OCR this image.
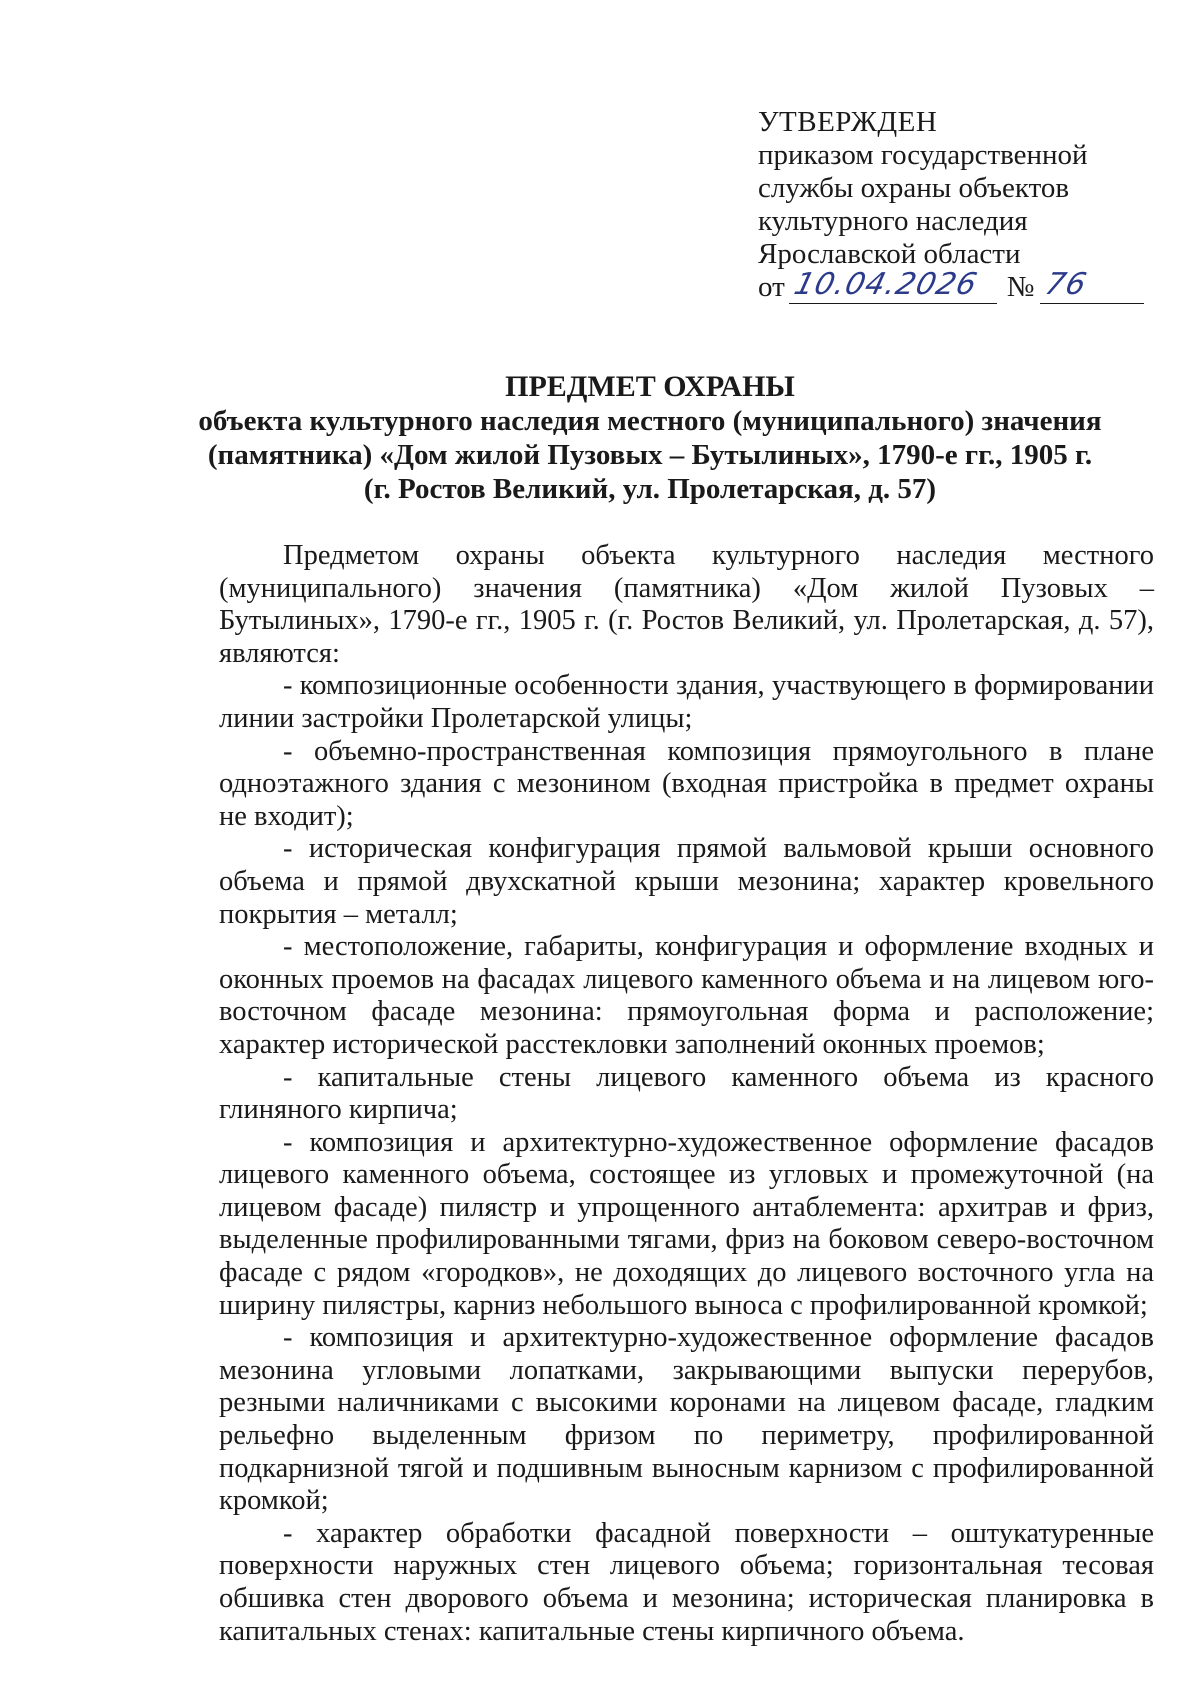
УТВЕРЖДЕН
приказом государственной
службы охраны объектов
культурного наследия
Ярославской области
от 10.04.2026 № 76
ПРЕДМЕТ ОХРАНЫ
объекта культурного наследия местного (муниципального) значения
(памятника) «Дом жилой Пузовых – Бутылиных», 1790-е гг., 1905 г.
(г. Ростов Великий, ул. Пролетарская, д. 57)

Предметом охраны объекта культурного наследия местного (муниципального) значения (памятника) «Дом жилой Пузовых – Бутылиных», 1790-е гг., 1905 г. (г. Ростов Великий, ул. Пролетарская, д. 57), являются:

- композиционные особенности здания, участвующего в формировании линии застройки Пролетарской улицы;

- объемно-пространственная композиция прямоугольного в плане одноэтажного здания с мезонином (входная пристройка в предмет охраны не входит);

- историческая конфигурация прямой вальмовой крыши основного объема и прямой двухскатной крыши мезонина; характер кровельного покрытия – металл;

- местоположение, габариты, конфигурация и оформление входных и оконных проемов на фасадах лицевого каменного объема и на лицевом юго-восточном фасаде мезонина: прямоугольная форма и расположение; характер исторической расстекловки заполнений оконных проемов;

- капитальные стены лицевого каменного объема из красного глиняного кирпича;

- композиция и архитектурно-художественное оформление фасадов лицевого каменного объема, состоящее из угловых и промежуточной (на лицевом фасаде) пилястр и упрощенного антаблемента: архитрав и фриз, выделенные профилированными тягами, фриз на боковом северо-восточном фасаде с рядом «городков», не доходящих до лицевого восточного угла на ширину пилястры, карниз небольшого выноса с профилированной кромкой;

- композиция и архитектурно-художественное оформление фасадов мезонина угловыми лопатками, закрывающими выпуски перерубов, резными наличниками с высокими коронами на лицевом фасаде, гладким рельефно выделенным фризом по периметру, профилированной подкарнизной тягой и подшивным выносным карнизом с профилированной кромкой;

- характер обработки фасадной поверхности – оштукатуренные поверхности наружных стен лицевого объема; горизонтальная тесовая обшивка стен дворового объема и мезонина; историческая планировка в капитальных стенах: капитальные стены кирпичного объема.
